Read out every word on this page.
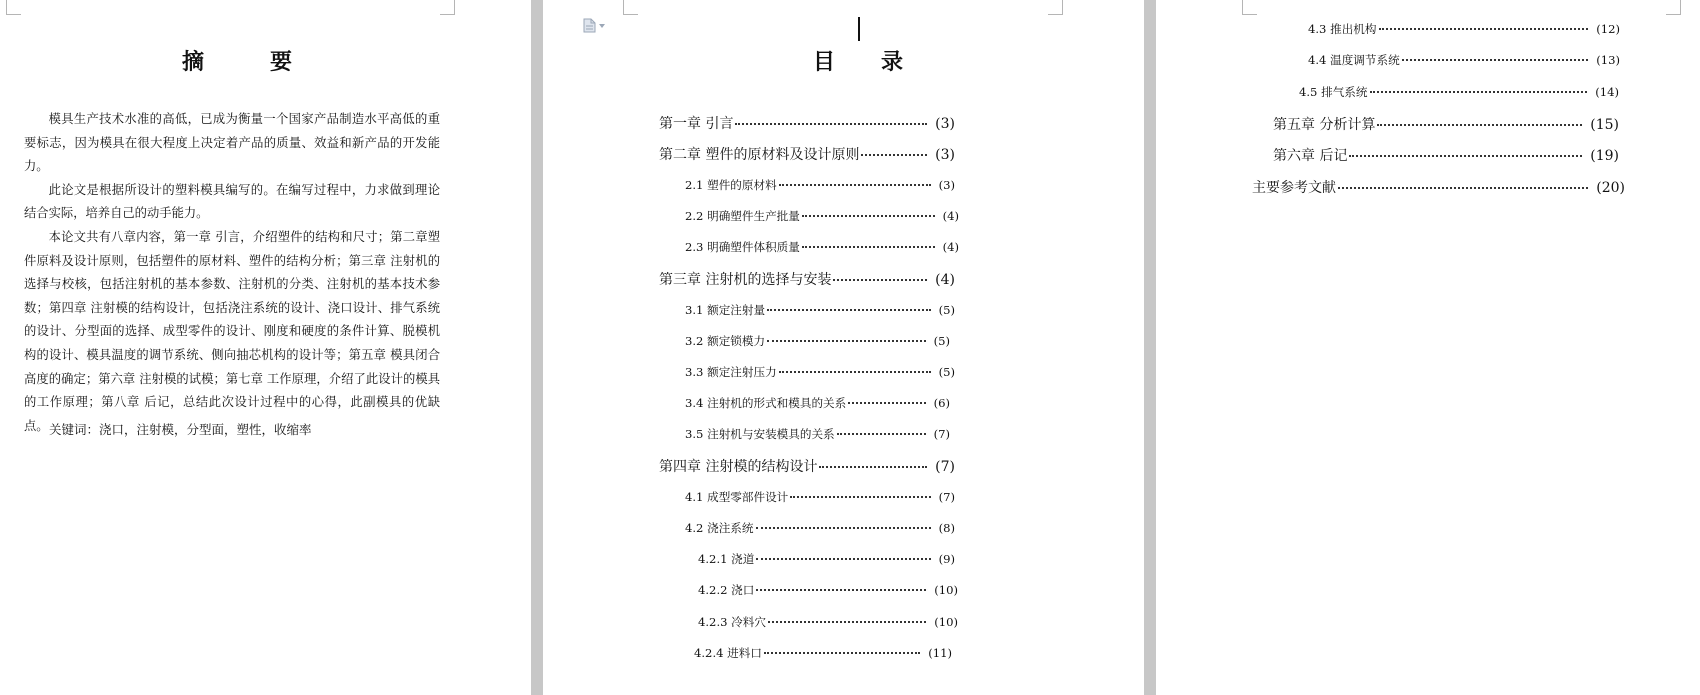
摘	要

模具生产技术水准的高低，已成为衡量一个国家产品制造水平高低的重要标志，因为模具在很大程度上决定着产品的质量、效益和新产品的开发能力。

此论文是根据所设计的塑料模具编写的。在编写过程中，力求做到理论结合实际，培养自己的动手能力。

本论文共有八章内容，第一章 引言，介绍塑件的结构和尺寸；第二章塑件原料及设计原则，包括塑件的原材料、塑件的结构分析；第三章 注射机的选择与校核，包括注射机的基本参数、注射机的分类、注射机的基本技术参数；第四章 注射模的结构设计，包括浇注系统的设计、浇口设计、排气系统的设计、分型面的选择、成型零件的设计、刚度和硬度的条件计算、脱模机构的设计、模具温度的调节系统、侧向抽芯机构的设计等；第五章 模具闭合高度的确定；第六章 注射模的试模；第七章 工作原理，介绍了此设计的模具的工作原理；第八章 后记，总结此次设计过程中的心得，此副模具的优缺点。 关键词：浇口，注射模，分型面，塑性，收缩率
目 录
第一章 引言	(3)
第二章 塑件的原材料及设计原则	(3)
2.1 塑件的原材料	(3)
2.2 明确塑件生产批量	(4)
2.3 明确塑件体积质量	(4)
第三章 注射机的选择与安装	(4)
3.1 额定注射量	(5)
3.2 额定锁模力	(5)
3.3 额定注射压力	(5)
3.4 注射机的形式和模具的关系	(6)
3.5 注射机与安装模具的关系	(7)
第四章 注射模的结构设计	(7)
4.1 成型零部件设计	(7)
4.2 浇注系统	(8)
4.2.1 浇道	(9)
4.2.2 浇口	(10)
4.2.3 冷料穴	(10)
4.2.4 进料口	(11)
4.3 推出机构	(12)
4.4 温度调节系统	(13)
4.5 排气系统	(14)
第五章 分析计算	(15)
第六章 后记	(19)
主要参考文献	(20)
